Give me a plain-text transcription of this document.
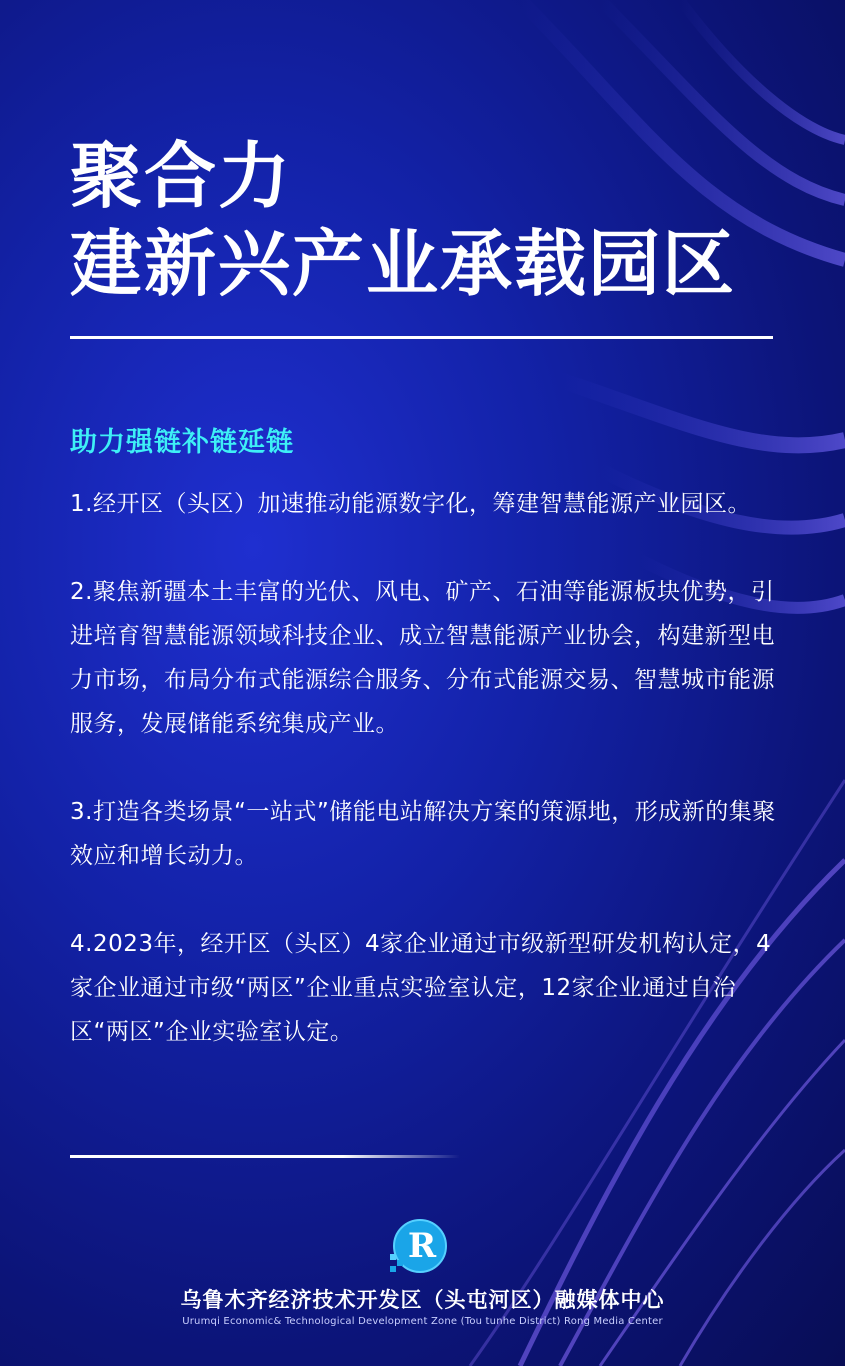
聚合力
建新兴产业承载园区
助力强链补链延链

1.经开区（头区）加速推动能源数字化，筹建智慧能源产业园区。

2.聚焦新疆本土丰富的光伏、风电、矿产、石油等能源板块优势，引进培育智慧能源领域科技企业、成立智慧能源产业协会，构建新型电力市场，布局分布式能源综合服务、分布式能源交易、智慧城市能源服务，发展储能系统集成产业。

3.打造各类场景“一站式”储能电站解决方案的策源地，形成新的集聚效应和增长动力。

4.2023年，经开区（头区）4家企业通过市级新型研发机构认定，4家企业通过市级“两区”企业重点实验室认定，12家企业通过自治区“两区”企业实验室认定。

R
乌鲁木齐经济技术开发区（头屯河区）融媒体中心
Urumqi Economic& Technological Development Zone (Tou tunhe District) Rong Media Center
